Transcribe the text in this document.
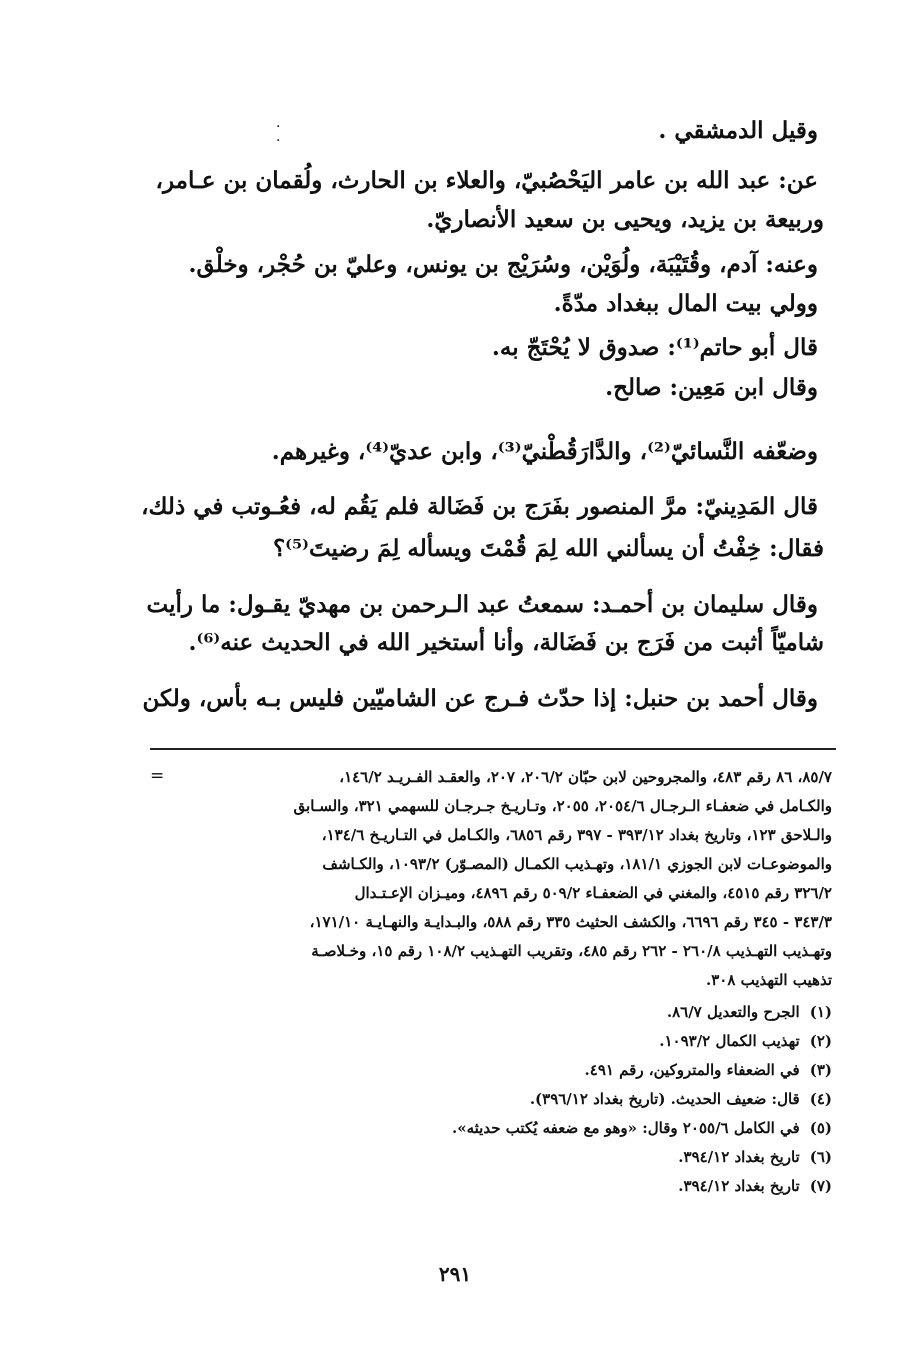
·
·	وقيل الدمشقي .
عن: عبد الله بن عامر اليَحْصُبيّ، والعلاء بن الحارث، ولُقمان بن عـامر،
وربيعة بن يزيد، ويحيى بن سعيد الأنصاريّ.
وعنه: آدم، وقُتَيْبَة، ولُوَيْن، وسُرَيْج بن يونس، وعليّ بن حُجْر، وخلْق.
وولي بيت المال ببغداد مدّةً.
قال أبو حاتم⁽¹⁾: صدوق لا يُحْتَجّ به.
وقال ابن مَعِين: صالح.
وضعّفه النَّسائيّ⁽²⁾، والدَّارَقُطْنيّ⁽³⁾، وابن عديّ⁽⁴⁾، وغيرهم.
قال المَدِينيّ: مرَّ المنصور بفَرَج بن فَضَالة فلم يَقُم له، فعُـوتب في ذلك،
فقال: خِفْتُ أن يسألني الله لِمَ قُمْتَ ويسأله لِمَ رضيتَ⁽⁵⁾؟
وقال سليمان بن أحمـد: سمعتُ عبد الـرحمن بن مهديّ يقـول: ما رأيت
شاميّاً أثبت من فَرَج بن فَضَالة، وأنا أستخير الله في الحديث عنه⁽⁶⁾.
وقال أحمد بن حنبل: إذا حدّث فـرج عن الشاميّين فليس بـه بأس، ولكن
=	٨٥/٧، ٨٦ رقم ٤٨٣، والمجروحين لابن حبّان ٢٠٦/٢، ٢٠٧، والعقـد الفـريـد ١٤٦/٢،
والكـامل في ضعفـاء الـرجـال ٢٠٥٤/٦، ٢٠٥٥، وتـاريـخ جـرجـان للسهمي ٣٢١، والسـابق
والـلاحق ١٢٣، وتاريخ بغداد ٣٩٣/١٢ - ٣٩٧ رقم ٦٨٥٦، والكـامل في التـاريـخ ١٣٤/٦،
والموضوعـات لابن الجوزي ١٨١/١، وتهـذيب الكمـال (المصـوّر) ١٠٩٣/٢، والكـاشف
٣٢٦/٢ رقم ٤٥١٥، والمغني في الضعفـاء ٥٠٩/٢ رقم ٤٨٩٦، وميـزان الإعـتـدال
٣٤٣/٣ - ٣٤٥ رقم ٦٦٩٦، والكشف الحثيث ٣٣٥ رقم ٥٨٨، والبـدايـة والنهـايـة ١٧١/١٠،
وتهـذيب التهـذيب ٢٦٠/٨ - ٢٦٢ رقم ٤٨٥، وتقريب التهـذيب ١٠٨/٢ رقم ١٥، وخـلاصـة
تذهيب التهذيب ٣٠٨.
(١)الجرح والتعديل ٨٦/٧.
(٢)تهذيب الكمال ١٠٩٣/٢.
(٣)في الضعفاء والمتروكين، رقم ٤٩١.
(٤)قال: ضعيف الحديث. (تاريخ بغداد ٣٩٦/١٢).
(٥)في الكامل ٢٠٥٥/٦ وقال: «وهو مع ضعفه يُكتب حديثه».
(٦)تاريخ بغداد ٣٩٤/١٢.
(٧)تاريخ بغداد ٣٩٤/١٢.
٢٩١
